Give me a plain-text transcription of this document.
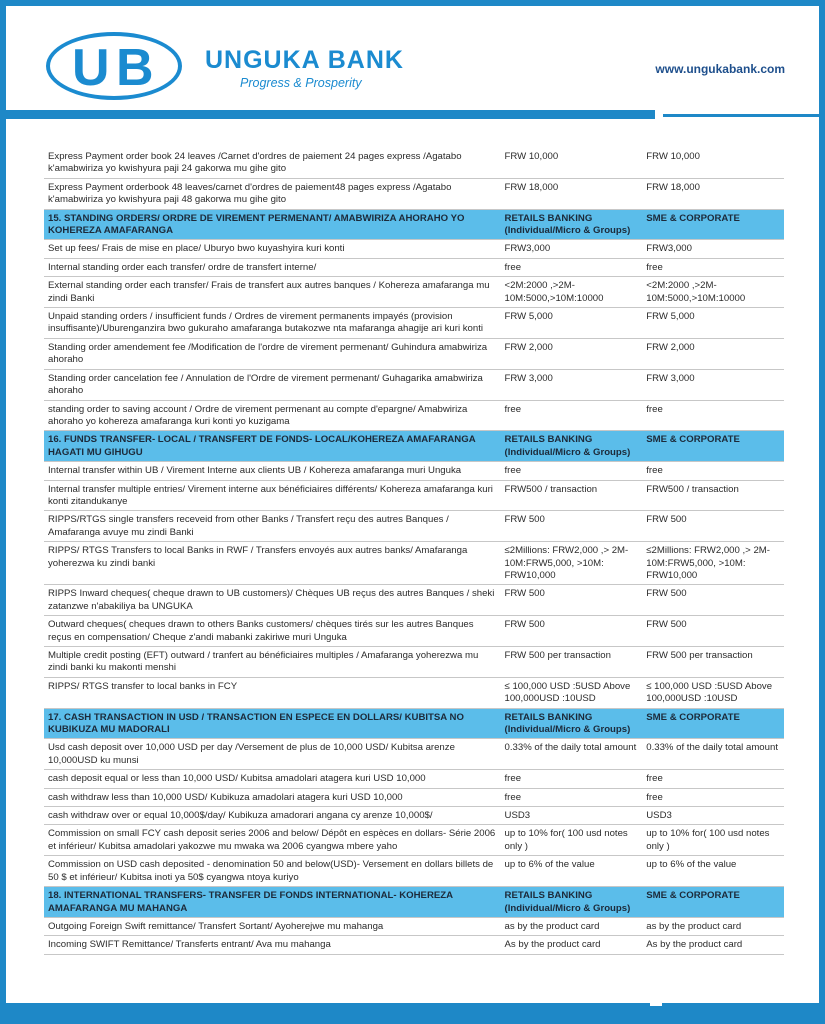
U B UNGUKA BANK
Progress & Prosperity
www.ungukabank.com
Express Payment order book 24 leaves /Carnet d'ordres de paiement 24 pages express /Agatabo k'amabwiriza yo kwishyura paji 24 gakorwa mu gihe gito	FRW 10,000	FRW 10,000
Express Payment orderbook 48 leaves/carnet d'ordres de paiement48 pages express /Agatabo k'amabwiriza yo kwishyura paji 48 gakorwa mu gihe gito	FRW 18,000	FRW 18,000
15. STANDING ORDERS/ ORDRE DE VIREMENT PERMENANT/ AMABWIRIZA AHORAHO YO KOHEREZA AMAFARANGA	RETAILS BANKING (Individual/Micro & Groups)	SME & CORPORATE
Set up fees/ Frais de mise en place/ Uburyo bwo kuyashyira kuri konti	FRW3,000	FRW3,000
Internal standing order each transfer/ ordre de transfert interne/	free	free
External standing order each transfer/ Frais de transfert aux autres banques / Kohereza amafaranga mu zindi Banki	<2M:2000 ,>2M-10M:5000,>10M:10000	<2M:2000 ,>2M-10M:5000,>10M:10000
Unpaid standing orders / insufficient funds / Ordres de virement permanents impayés (provision insuffisante)/Uburenganzira bwo gukuraho amafaranga butakozwe nta mafaranga ahagije ari kuri konti	FRW 5,000	FRW 5,000
Standing order amendement fee /Modification de l'ordre de virement permenant/ Guhindura amabwiriza ahoraho	FRW 2,000	FRW 2,000
Standing order cancelation fee / Annulation de l'Ordre de virement permenant/ Guhagarika amabwiriza ahoraho	FRW 3,000	FRW 3,000
standing order to saving account / Ordre de virement permenant au compte d'epargne/ Amabwiriza ahoraho yo kohereza amafaranga kuri konti yo kuzigama	free	free
16. FUNDS TRANSFER- LOCAL / TRANSFERT DE FONDS- LOCAL/KOHEREZA AMAFARANGA HAGATI MU GIHUGU	RETAILS BANKING (Individual/Micro & Groups)	SME & CORPORATE
Internal transfer within UB / Virement Interne aux clients UB / Kohereza amafaranga muri Unguka	free	free
Internal transfer multiple entries/ Virement interne aux bénéficiaires différents/ Kohereza amafaranga kuri konti zitandukanye	FRW500 / transaction	FRW500 / transaction
RIPPS/RTGS single transfers receveid from other Banks / Transfert reçu des autres Banques / Amafaranga avuye mu zindi Banki	FRW 500	FRW 500
RIPPS/ RTGS Transfers to local Banks in RWF / Transfers envoyés aux autres banks/ Amafaranga yoherezwa ku zindi banki	≤2Millions: FRW2,000 ,> 2M-10M:FRW5,000, >10M: FRW10,000	≤2Millions: FRW2,000 ,> 2M-10M:FRW5,000, >10M: FRW10,000
RIPPS Inward cheques( cheque drawn to UB customers)/ Chèques UB reçus des autres Banques / sheki zatanzwe n'abakiliya ba UNGUKA	FRW 500	FRW 500
Outward cheques( cheques drawn to others Banks customers/ chèques tirés sur les autres Banques reçus en compensation/ Cheque z'andi mabanki zakiriwe muri Unguka	FRW 500	FRW 500
Multiple credit posting (EFT) outward / tranfert au bénéficiaires multiples / Amafaranga yoherezwa mu zindi banki ku makonti menshi	FRW 500 per transaction	FRW 500 per transaction
RIPPS/ RTGS transfer to local banks in FCY	≤ 100,000 USD :5USD Above 100,000USD :10USD	≤ 100,000 USD :5USD Above 100,000USD :10USD
17. CASH TRANSACTION IN USD / TRANSACTION EN ESPECE EN DOLLARS/ KUBITSA NO KUBIKUZA MU MADORALI	RETAILS BANKING (Individual/Micro & Groups)	SME & CORPORATE
Usd cash deposit over 10,000 USD per day /Versement de plus de 10,000 USD/ Kubitsa arenze 10,000USD ku munsi	0.33% of the daily total amount	0.33% of the daily total amount
cash deposit equal or less than 10,000 USD/ Kubitsa amadolari atagera kuri USD 10,000	free	free
cash withdraw less than 10,000 USD/ Kubikuza amadolari atagera kuri USD 10,000	free	free
cash withdraw over or equal 10,000$/day/ Kubikuza amadorari angana cy arenze 10,000$/	USD3	USD3
Commission on small FCY cash deposit series 2006 and below/ Dépôt en espèces en dollars- Série 2006 et inférieur/ Kubitsa amadolari yakozwe mu mwaka wa 2006 cyangwa mbere yaho	up to 10% for( 100 usd notes only )	up to 10% for( 100 usd notes only )
Commission on USD cash deposited - denomination 50 and below(USD)- Versement en dollars billets de 50 $ et inférieur/ Kubitsa inoti ya 50$ cyangwa ntoya kuriyo	up to 6% of the value	up to 6% of the value
18. INTERNATIONAL TRANSFERS- TRANSFER DE FONDS INTERNATIONAL- KOHEREZA AMAFARANGA MU MAHANGA	RETAILS BANKING (Individual/Micro & Groups)	SME & CORPORATE
Outgoing Foreign Swift remittance/ Transfert Sortant/ Ayoherejwe mu mahanga	as by the product card	as by the product card
Incoming SWIFT Remittance/ Transferts entrant/ Ava mu mahanga	As by the product card	As by the product card
